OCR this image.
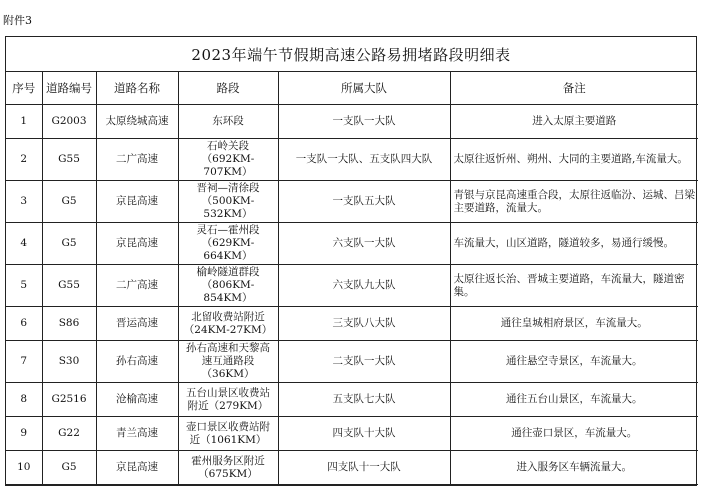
附件3
2023年端午节假期高速公路易拥堵路段明细表
序号	道路编号	道路名称	路段	所属大队	备注
1	G2003	太原绕城高速	东环段	一支队一大队	进入太原主要道路
2	G55	二广高速	石岭关段（692KM-707KM）	一支队一大队、五支队四大队	太原往返忻州、朔州、大同的主要道路,车流量大。
3	G5	京昆高速	晋祠—清徐段（500KM-532KM）	一支队五大队	青银与京昆高速重合段，太原往返临汾、运城、吕梁主要道路，流量大。
4	G5	京昆高速	灵石—霍州段（629KM-664KM）	六支队一大队	车流量大，山区道路，隧道较多，易通行缓慢。
5	G55	二广高速	榆岭隧道群段（806KM-854KM）	六支队九大队	太原往返长治、晋城主要道路，车流量大，隧道密集。
6	S86	晋运高速	北留收费站附近（24KM-27KM）	三支队八大队	通往皇城相府景区，车流量大。
7	S30	孙右高速	孙右高速和天黎高速互通路段（36KM）	二支队一大队	通往悬空寺景区，车流量大。
8	G2516	沧榆高速	五台山景区收费站附近（279KM）	五支队七大队	通往五台山景区，车流量大。
9	G22	青兰高速	壶口景区收费站附近（1061KM）	四支队十大队	通往壶口景区，车流量大。
10	G5	京昆高速	霍州服务区附近（675KM）	四支队十一大队	进入服务区车辆流量大。
